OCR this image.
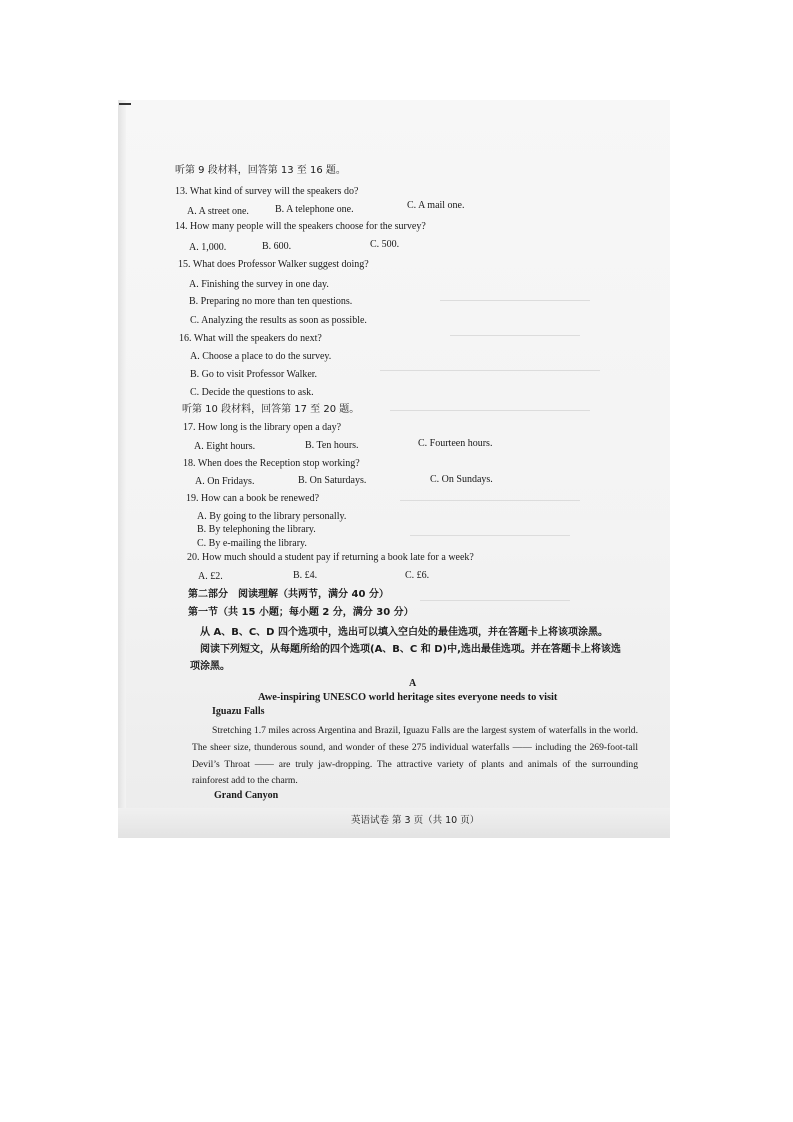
听第 9 段材料，回答第 13 至 16 题。
13. What kind of survey will the speakers do?
A. A street one.	B. A telephone one.	C. A mail one.
14. How many people will the speakers choose for the survey?
A. 1,000.	B. 600.	C. 500.
15. What does Professor Walker suggest doing?
A. Finishing the survey in one day.
B. Preparing no more than ten questions.
C. Analyzing the results as soon as possible.
16. What will the speakers do next?
A. Choose a place to do the survey.
B. Go to visit Professor Walker.
C. Decide the questions to ask.
听第 10 段材料，回答第 17 至 20 题。
17. How long is the library open a day?
A. Eight hours.	B. Ten hours.	C. Fourteen hours.
18. When does the Reception stop working?
A. On Fridays.	B. On Saturdays.	C. On Sundays.
19. How can a book be renewed?
A. By going to the library personally.
B. By telephoning the library.
C. By e-mailing the library.
20. How much should a student pay if returning a book late for a week?
A. £2.	B. £4.	C. £6.
第二部分　阅读理解（共两节，满分 40 分）
第一节（共 15 小题；每小题 2 分，满分 30 分）
从 A、B、C、D 四个选项中，选出可以填入空白处的最佳选项，并在答题卡上将该项涂黑。
阅读下列短文，从每题所给的四个选项(A、B、C 和 D)中,选出最佳选项。并在答题卡上将该选
项涂黑。
A
Awe-inspiring UNESCO world heritage sites everyone needs to visit
Iguazu Falls
Stretching 1.7 miles across Argentina and Brazil, Iguazu Falls are the largest system of waterfalls in the world. The sheer size, thunderous sound, and wonder of these 275 individual waterfalls —— including the 269-foot-tall Devil’s Throat —— are truly jaw-dropping. The attractive variety of plants and animals of the surrounding rainforest add to the charm.
Grand Canyon
英语试卷 第 3 页（共 10 页）
